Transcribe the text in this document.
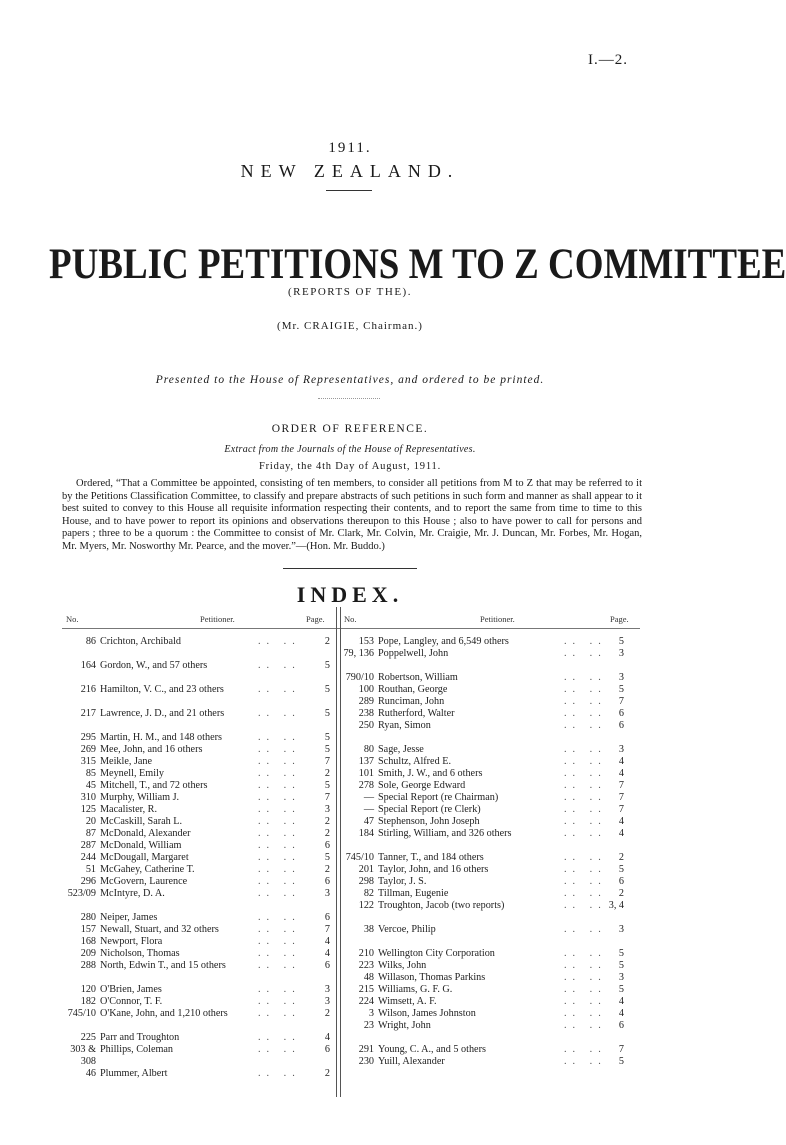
I.—2.
1911.
NEW ZEALAND.
PUBLIC PETITIONS M TO Z COMMITTEE
(REPORTS OF THE).
(Mr. CRAIGIE, Chairman.)
Presented to the House of Representatives, and ordered to be printed.
ORDER OF REFERENCE.
Extract from the Journals of the House of Representatives.
Friday, the 4th Day of August, 1911.
Ordered, “That a Committee be appointed, consisting of ten members, to consider all petitions from M to Z that may be referred to it by the Petitions Classification Committee, to classify and prepare abstracts of such petitions in such form and manner as shall appear to it best suited to convey to this House all requisite information respecting their contents, and to report the same from time to time to this House, and to have power to report its opinions and observations thereupon to this House ; also to have power to call for persons and papers ; three to be a quorum : the Committee to consist of Mr. Clark, Mr. Colvin, Mr. Craigie, Mr. J. Duncan, Mr. Forbes, Mr. Hogan, Mr. Myers, Mr. Nosworthy Mr. Pearce, and the mover.”—(Hon. Mr. Buddo.)
INDEX.
No.	Petitioner.	Page. No.	Petitioner.	Page.
86 Crichton, Archibald	.. ..	2
164 Gordon, W., and 57 others	.. ..	5
216 Hamilton, V. C., and 23 others	.. ..	5
217 Lawrence, J. D., and 21 others	.. ..	5
295 Martin, H. M., and 148 others	.. ..	5
269 Mee, John, and 16 others	.. ..	5
315 Meikle, Jane	.. ..	7
85 Meynell, Emily	.. ..	2
45 Mitchell, T., and 72 others	.. ..	5
310 Murphy, William J.	.. ..	7
125 Macalister, R.	.. ..	3
20 McCaskill, Sarah L.	.. ..	2
87 McDonald, Alexander	.. ..	2
287 McDonald, William	.. ..	6
244 McDougall, Margaret	.. ..	5
51 McGahey, Catherine T.	.. ..	2
296 McGovern, Laurence	.. ..	6
523/09 McIntyre, D. A.	.. ..	3
280 Neiper, James	.. ..	6
157 Newall, Stuart, and 32 others	.. ..	7
168 Newport, Flora	.. ..	4
209 Nicholson, Thomas	.. ..	4
288 North, Edwin T., and 15 others	.. ..	6
120 O'Brien, James	.. ..	3
182 O'Connor, T. F.	.. ..	3
745/10 O'Kane, John, and 1,210 others	.. ..	2
225 Parr and Troughton	.. ..	4
303 & Phillips, Coleman	.. ..	6
308
46 Plummer, Albert	.. ..	2
153 Pope, Langley, and 6,549 others	.. ..	5
79, 136 Poppelwell, John	.. ..	3
790/10 Robertson, William	.. ..	3
100 Routhan, George	.. ..	5
289 Runciman, John	.. ..	7
238 Rutherford, Walter	.. ..	6
250 Ryan, Simon	.. ..	6
80 Sage, Jesse	.. ..	3
137 Schultz, Alfred E.	.. ..	4
101 Smith, J. W., and 6 others	.. ..	4
278 Sole, George Edward	.. ..	7
— Special Report (re Chairman)	.. ..	7
— Special Report (re Clerk)	.. ..	7
47 Stephenson, John Joseph	.. ..	4
184 Stirling, William, and 326 others	.. ..	4
745/10 Tanner, T., and 184 others	.. ..	2
201 Taylor, John, and 16 others	.. ..	5
298 Taylor, J. S.	.. ..	6
82 Tillman, Eugenie	.. ..	2
122 Troughton, Jacob (two reports)	.. .. 3, 4
38 Vercoe, Philip	.. ..	3
210 Wellington City Corporation	.. ..	5
223 Wilks, John	.. ..	5
48 Willason, Thomas Parkins	.. ..	3
215 Williams, G. F. G.	.. ..	5
224 Wimsett, A. F.	.. ..	4
3 Wilson, James Johnston	.. ..	4
23 Wright, John	.. ..	6
291 Young, C. A., and 5 others	.. ..	7
230 Yuill, Alexander	.. ..	5
